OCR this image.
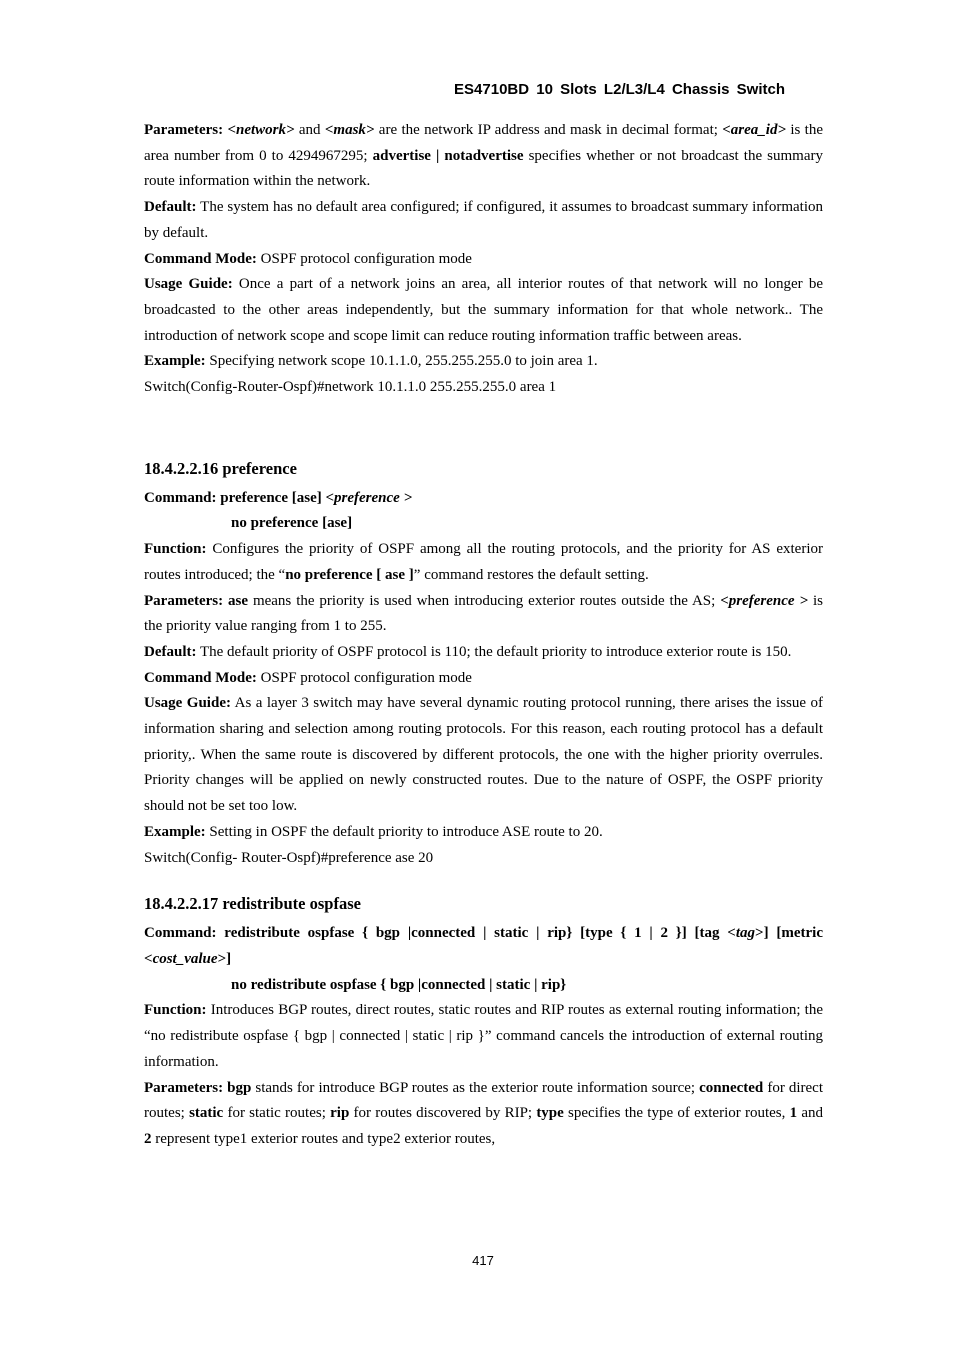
ES4710BD 10 Slots L2/L3/L4 Chassis Switch

Parameters: <network> and <mask> are the network IP address and mask in decimal format; <area_id> is the area number from 0 to 4294967295; advertise | notadvertise specifies whether or not broadcast the summary route information within the network.

Default: The system has no default area configured; if configured, it assumes to broadcast summary information by default.

Command Mode: OSPF protocol configuration mode

Usage Guide: Once a part of a network joins an area, all interior routes of that network will no longer be broadcasted to the other areas independently, but the summary information for that whole network.. The introduction of network scope and scope limit can reduce routing information traffic between areas.

Example: Specifying network scope 10.1.1.0, 255.255.255.0 to join area 1.

Switch(Config-Router-Ospf)#network 10.1.1.0 255.255.255.0 area 1

18.4.2.2.16 preference

Command: preference [ase] <preference >

no preference [ase]

Function: Configures the priority of OSPF among all the routing protocols, and the priority for AS exterior routes introduced; the “no preference [ ase ]” command restores the default setting.

Parameters: ase means the priority is used when introducing exterior routes outside the AS; <preference > is the priority value ranging from 1 to 255.

Default: The default priority of OSPF protocol is 110; the default priority to introduce exterior route is 150.

Command Mode: OSPF protocol configuration mode

Usage Guide: As a layer 3 switch may have several dynamic routing protocol running, there arises the issue of information sharing and selection among routing protocols. For this reason, each routing protocol has a default priority,. When the same route is discovered by different protocols, the one with the higher priority overrules. Priority changes will be applied on newly constructed routes. Due to the nature of OSPF, the OSPF priority should not be set too low.

Example: Setting in OSPF the default priority to introduce ASE route to 20.

Switch(Config- Router-Ospf)#preference ase 20

18.4.2.2.17 redistribute ospfase

Command: redistribute ospfase { bgp |connected | static | rip} [type { 1 | 2 }] [tag <tag>] [metric <cost_value>]

no redistribute ospfase { bgp |connected | static | rip}

Function: Introduces BGP routes, direct routes, static routes and RIP routes as external routing information; the “no redistribute ospfase { bgp | connected | static | rip }” command cancels the introduction of external routing information.

Parameters: bgp stands for introduce BGP routes as the exterior route information source; connected for direct routes; static for static routes; rip for routes discovered by RIP; type specifies the type of exterior routes, 1 and 2 represent type1 exterior routes and type2 exterior routes,

417
